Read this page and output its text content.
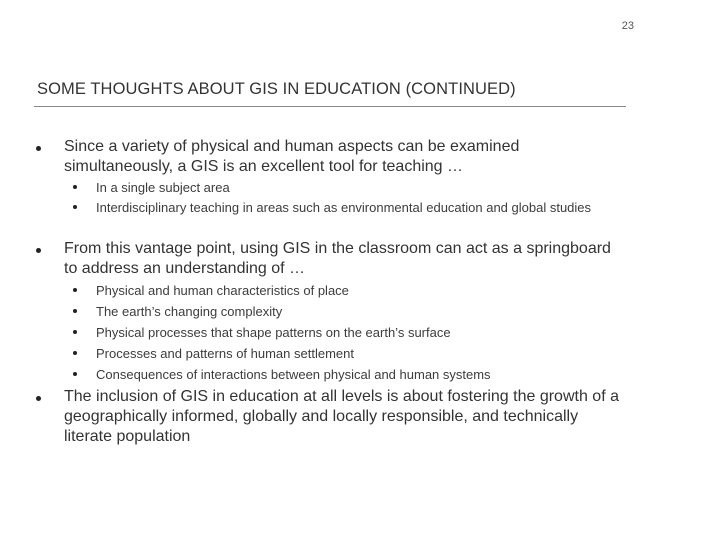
23
SOME THOUGHTS ABOUT GIS IN EDUCATION (CONTINUED)
Since a variety of physical and human aspects can be examined simultaneously, a GIS is an excellent tool for teaching …
In a single subject area
Interdisciplinary teaching in areas such as environmental education and global studies
From this vantage point, using GIS in the classroom can act as a springboard to address an understanding of …
Physical and human characteristics of place
The earth’s changing complexity
Physical processes that shape patterns on the earth’s surface
Processes and patterns of human settlement
Consequences of interactions between physical and human systems
The inclusion of GIS in education at all levels is about fostering the growth of a geographically informed, globally and locally responsible, and technically literate population
